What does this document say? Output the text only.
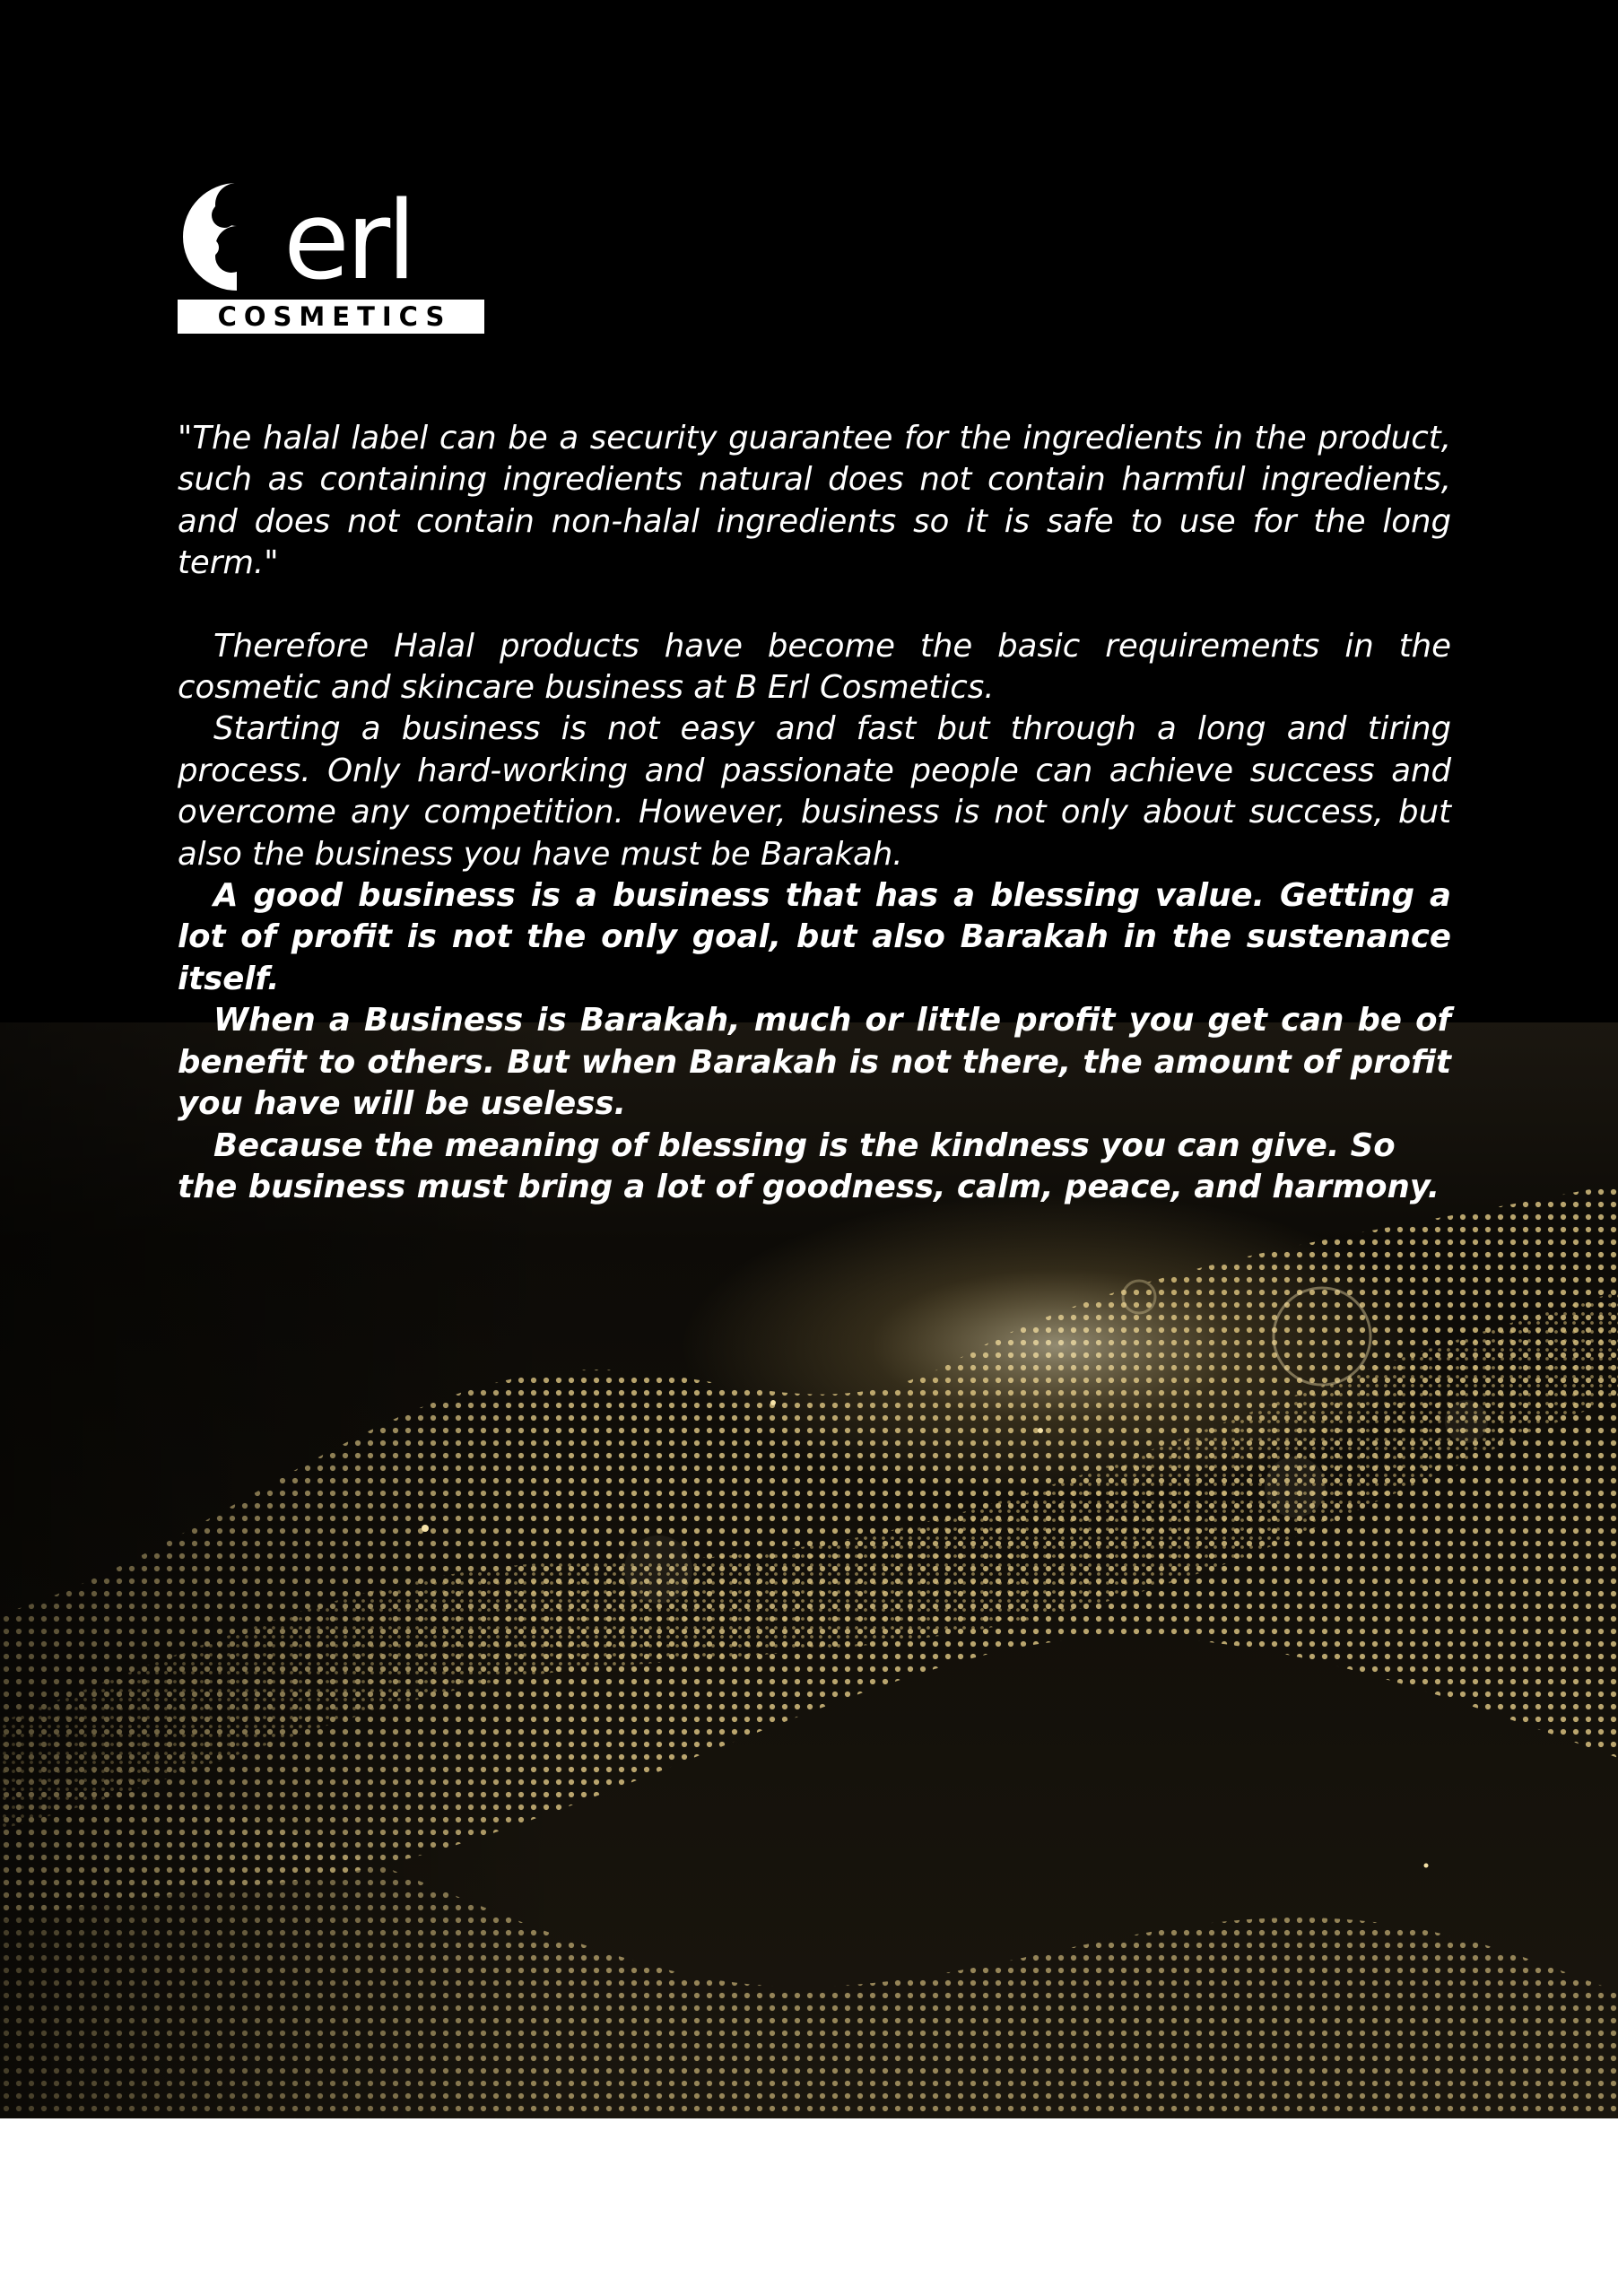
erl
COSMETICS

"The halal label can be a security guarantee for the ingredients in the product, such as containing ingredients natural does not contain harmful ingredients, and does not contain non-halal ingredients so it is safe to use for the long term."

Therefore Halal products have become the basic requirements in the cosmetic and skincare business at B Erl Cosmetics.

Starting a business is not easy and fast but through a long and tiring process. Only hard-working and passionate people can achieve success and overcome any competition. However, business is not only about success, but also the business you have must be Barakah.

A good business is a business that has a blessing value. Getting a lot of profit is not the only goal, but also Barakah in the sustenance itself.

When a Business is Barakah, much or little profit you get can be of benefit to others. But when Barakah is not there, the amount of profit you have will be useless.

Because the meaning of blessing is the kindness you can give. So the business must bring a lot of goodness, calm, peace, and harmony.
